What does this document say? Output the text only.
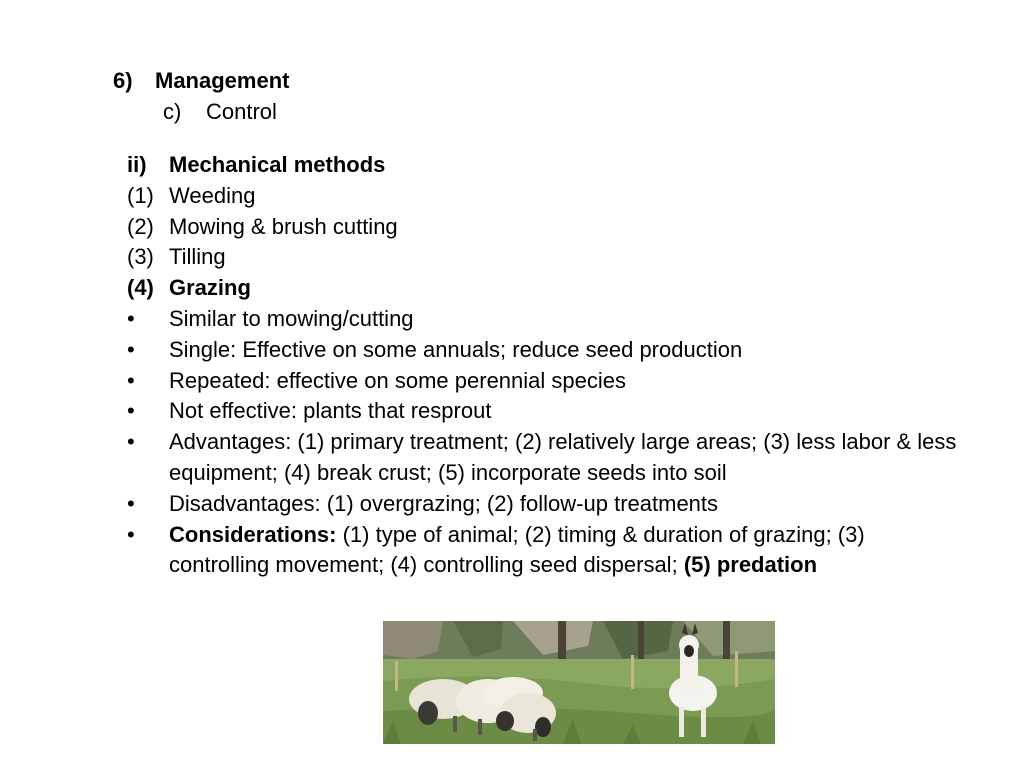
6) Management
c) Control
ii)	Mechanical methods
(1) Weeding
(2) Mowing & brush cutting
(3) Tilling
(4) Grazing
•	Similar to mowing/cutting
•	Single: Effective on some annuals; reduce seed production
•	Repeated: effective on some perennial species
•	Not effective: plants that resprout
•	Advantages: (1) primary treatment; (2) relatively large areas; (3) less labor & less equipment; (4) break crust; (5) incorporate seeds into soil
•	Disadvantages: (1) overgrazing; (2) follow-up treatments
•	Considerations: (1) type of animal; (2) timing & duration of grazing; (3) controlling movement; (4) controlling seed dispersal; (5) predation
